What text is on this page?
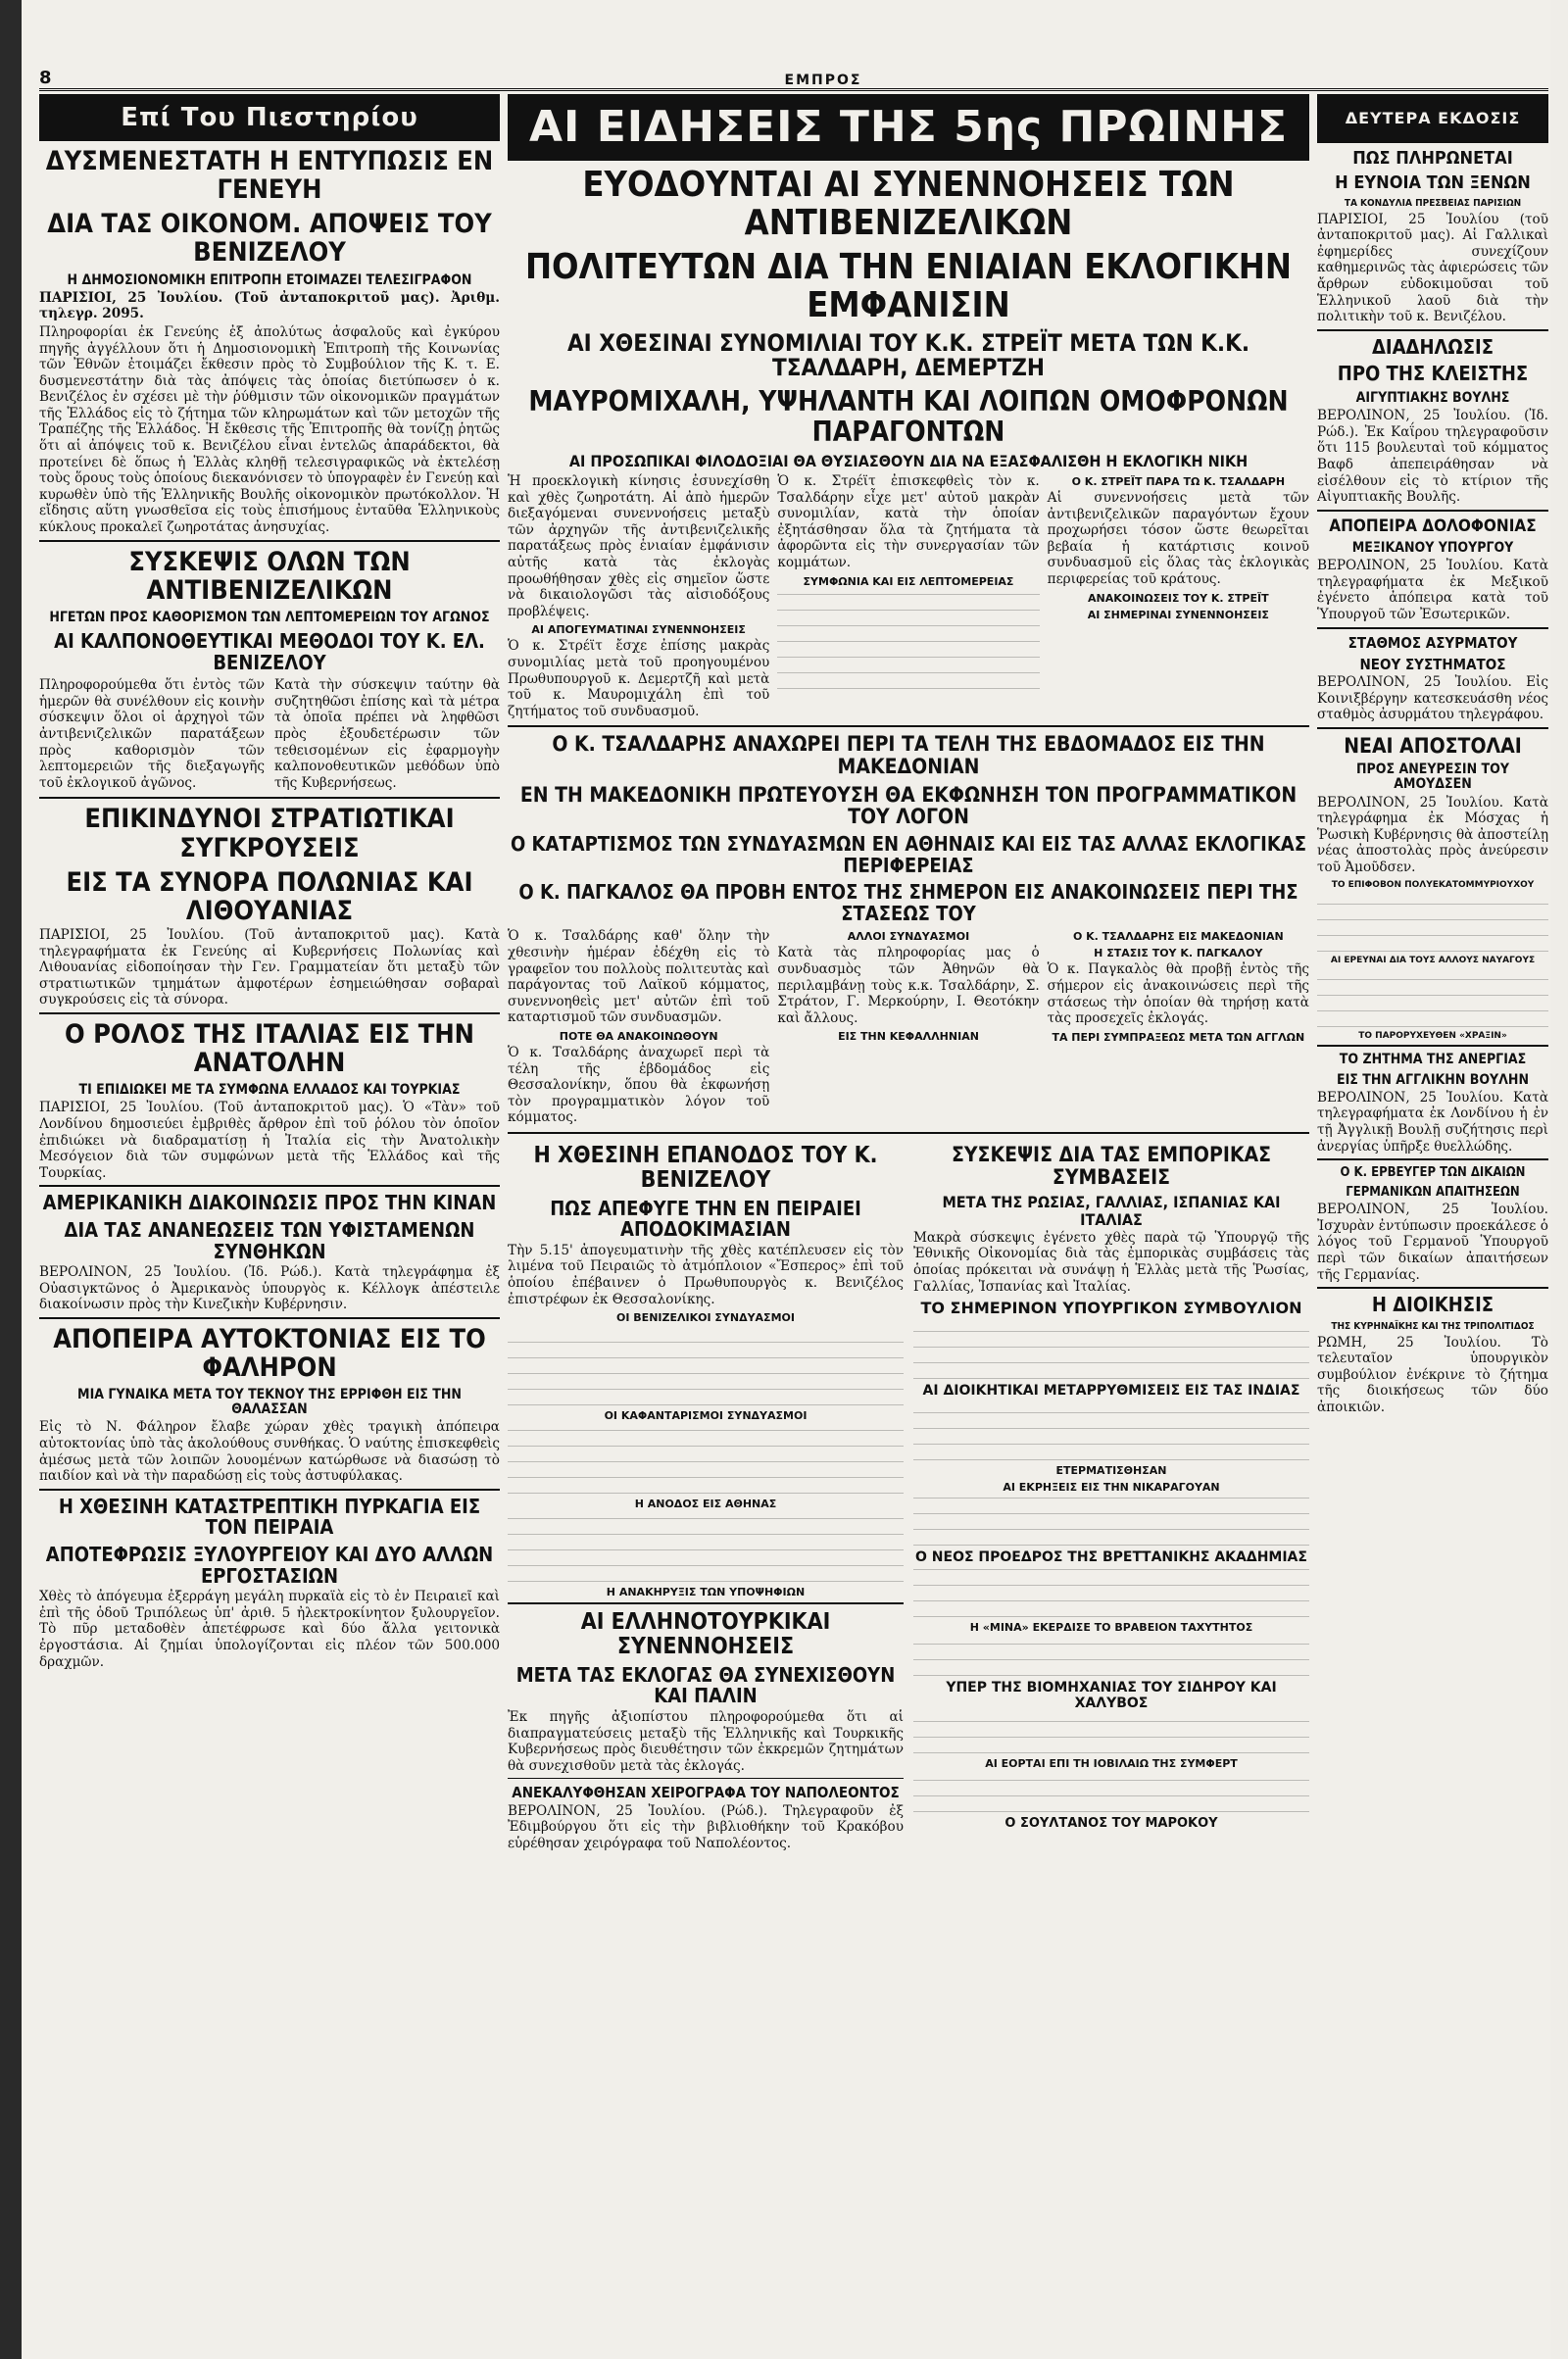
8	ΕΜΠΡΟΣ
Επί Του Πιεστηρίου
ΔΥΣΜΕΝΕΣΤΑΤΗ Η ΕΝΤΥΠΩΣΙΣ ΕΝ ΓΕΝΕΥΗ
ΔΙΑ ΤΑΣ ΟΙΚΟΝΟΜ. ΑΠΟΨΕΙΣ ΤΟΥ ΒΕΝΙΖΕΛΟΥ
Η ΔΗΜΟΣΙΟΝΟΜΙΚΗ ΕΠΙΤΡΟΠΗ ΕΤΟΙΜΑΖΕΙ ΤΕΛΕΣΙΓΡΑΦΟΝ
ΠΑΡΙΣΙΟΙ, 25 Ἰουλίου. (Τοῦ ἀνταποκριτοῦ μας). Ἀριθμ. τηλεγρ. 2095.
Πληροφορίαι ἐκ Γενεύης ἐξ ἀπολύτως ἀσφαλοῦς καὶ ἐγκύρου πηγῆς ἀγγέλλουν ὅτι ἡ Δημοσιονομικὴ Ἐπιτροπὴ τῆς Κοινωνίας τῶν Ἐθνῶν ἐτοιμάζει ἔκθεσιν πρὸς τὸ Συμβούλιον τῆς Κ. τ. Ε. δυσμενεστάτην διὰ τὰς ἀπόψεις τὰς ὁποίας διετύπωσεν ὁ κ. Βενιζέλος ἐν σχέσει μὲ τὴν ῥύθμισιν τῶν οἰκονομικῶν πραγμάτων τῆς Ἑλλάδος εἰς τὸ ζήτημα τῶν κληρωμάτων καὶ τῶν μετοχῶν τῆς Τραπέζης τῆς Ἑλλάδος. Ἡ ἔκθεσις τῆς Ἐπιτροπῆς θὰ τονίζῃ ῥητῶς ὅτι αἱ ἀπόψεις τοῦ κ. Βενιζέλου εἶναι ἐντελῶς ἀπαράδεκτοι, θὰ προτείνει δὲ ὅπως ἡ Ἑλλὰς κληθῇ τελεσιγραφικῶς νὰ ἐκτελέσῃ τοὺς ὅρους τοὺς ὁποίους διεκανόνισεν τὸ ὑπογραφὲν ἐν Γενεύῃ καὶ κυρωθὲν ὑπὸ τῆς Ἑλληνικῆς Βουλῆς οἰκονομικὸν πρωτόκολλον. Ἡ εἴδησις αὕτη γνωσθεῖσα εἰς τοὺς ἐπισήμους ἐνταῦθα Ἑλληνικοὺς κύκλους προκαλεῖ ζωηροτάτας ἀνησυχίας.
ΣΥΣΚΕΨΙΣ ΟΛΩΝ ΤΩΝ ΑΝΤΙΒΕΝΙΖΕΛΙΚΩΝ
ΗΓΕΤΩΝ ΠΡΟΣ ΚΑΘΟΡΙΣΜΟΝ ΤΩΝ ΛΕΠΤΟΜΕΡΕΙΩΝ ΤΟΥ ΑΓΩΝΟΣ
ΑΙ ΚΑΛΠΟΝΟΘΕΥΤΙΚΑΙ ΜΕΘΟΔΟΙ ΤΟΥ Κ. ΕΛ. ΒΕΝΙΖΕΛΟΥ
Πληροφορούμεθα ὅτι ἐντὸς τῶν ἡμερῶν θὰ συνέλθουν εἰς κοινὴν σύσκεψιν ὅλοι οἱ ἀρχηγοὶ τῶν ἀντιβενιζελικῶν παρατάξεων πρὸς καθορισμὸν τῶν λεπτομερειῶν τῆς διεξαγωγῆς τοῦ ἐκλογικοῦ ἀγῶνος.
Κατὰ τὴν σύσκεψιν ταύτην θὰ συζητηθῶσι ἐπίσης καὶ τὰ μέτρα τὰ ὁποῖα πρέπει νὰ ληφθῶσι πρὸς ἐξουδετέρωσιν τῶν τεθεισομένων εἰς ἐφαρμογὴν καλπονοθευτικῶν μεθόδων ὑπὸ τῆς Κυβερνήσεως.
ΕΠΙΚΙΝΔΥΝΟΙ ΣΤΡΑΤΙΩΤΙΚΑΙ ΣΥΓΚΡΟΥΣΕΙΣ
ΕΙΣ ΤΑ ΣΥΝΟΡΑ ΠΟΛΩΝΙΑΣ ΚΑΙ ΛΙΘΟΥΑΝΙΑΣ
ΠΑΡΙΣΙΟΙ, 25 Ἰουλίου. (Τοῦ ἀνταποκριτοῦ μας). Κατὰ τηλεγραφήματα ἐκ Γενεύης αἱ Κυβερνήσεις Πολωνίας καὶ Λιθουανίας εἰδοποίησαν τὴν Γεν. Γραμματείαν ὅτι μεταξὺ τῶν στρατιωτικῶν τμημάτων ἀμφοτέρων ἐσημειώθησαν σοβαραὶ συγκρούσεις εἰς τὰ σύνορα.
Ο ΡΟΛΟΣ ΤΗΣ ΙΤΑΛΙΑΣ ΕΙΣ ΤΗΝ ΑΝΑΤΟΛΗΝ
ΤΙ ΕΠΙΔΙΩΚΕΙ ΜΕ ΤΑ ΣΥΜΦΩΝΑ ΕΛΛΑΔΟΣ ΚΑΙ ΤΟΥΡΚΙΑΣ
ΠΑΡΙΣΙΟΙ, 25 Ἰουλίου. (Τοῦ ἀνταποκριτοῦ μας). Ὁ «Τὰν» τοῦ Λονδίνου δημοσιεύει ἐμβριθὲς ἄρθρον ἐπὶ τοῦ ῥόλου τὸν ὁποῖον ἐπιδιώκει νὰ διαδραματίσῃ ἡ Ἰταλία εἰς τὴν Ἀνατολικὴν Μεσόγειον διὰ τῶν συμφώνων μετὰ τῆς Ἑλλάδος καὶ τῆς Τουρκίας.
ΑΜΕΡΙΚΑΝΙΚΗ ΔΙΑΚΟΙΝΩΣΙΣ ΠΡΟΣ ΤΗΝ ΚΙΝΑΝ
ΔΙΑ ΤΑΣ ΑΝΑΝΕΩΣΕΙΣ ΤΩΝ ΥΦΙΣΤΑΜΕΝΩΝ ΣΥΝΘΗΚΩΝ
ΒΕΡΟΛΙΝΟΝ, 25 Ἰουλίου. (Ἰδ. Ρώδ.). Κατὰ τηλεγράφημα ἐξ Οὐασιγκτῶνος ὁ Ἀμερικανὸς ὑπουργὸς κ. Κέλλογκ ἀπέστειλε διακοίνωσιν πρὸς τὴν Κινεζικὴν Κυβέρνησιν.
ΑΠΟΠΕΙΡΑ ΑΥΤΟΚΤΟΝΙΑΣ ΕΙΣ ΤΟ ΦΑΛΗΡΟΝ
ΜΙΑ ΓΥΝΑΙΚΑ ΜΕΤΑ ΤΟΥ ΤΕΚΝΟΥ ΤΗΣ ΕΡΡΙΦΘΗ ΕΙΣ ΤΗΝ ΘΑΛΑΣΣΑΝ
Εἰς τὸ Ν. Φάληρον ἔλαβε χώραν χθὲς τραγικὴ ἀπόπειρα αὐτοκτονίας ὑπὸ τὰς ἀκολούθους συνθήκας. Ὁ ναύτης ἐπισκεφθεὶς ἀμέσως μετὰ τῶν λοιπῶν λουομένων κατώρθωσε νὰ διασώσῃ τὸ παιδίον καὶ νὰ τὴν παραδώσῃ εἰς τοὺς ἀστυφύλακας.
Η ΧΘΕΣΙΝΗ ΚΑΤΑΣΤΡΕΠΤΙΚΗ ΠΥΡΚΑΓΙΑ ΕΙΣ ΤΟΝ ΠΕΙΡΑΙΑ
ΑΠΟΤΕΦΡΩΣΙΣ ΞΥΛΟΥΡΓΕΙΟΥ ΚΑΙ ΔΥΟ ΑΛΛΩΝ ΕΡΓΟΣΤΑΣΙΩΝ
Χθὲς τὸ ἀπόγευμα ἐξερράγη μεγάλη πυρκαϊὰ εἰς τὸ ἐν Πειραιεῖ καὶ ἐπὶ τῆς ὁδοῦ Τριπόλεως ὑπ' ἀριθ. 5 ἠλεκτροκίνητον ξυλουργεῖον. Τὸ πῦρ μεταδοθὲν ἀπετέφρωσε καὶ δύο ἄλλα γειτονικὰ ἐργοστάσια. Αἱ ζημίαι ὑπολογίζονται εἰς πλέον τῶν 500.000 δραχμῶν.
ΑΙ ΕΙΔΗΣΕΙΣ ΤΗΣ 5ης ΠΡΩΙΝΗΣ
ΕΥΟΔΟΥΝΤΑΙ ΑΙ ΣΥΝΕΝΝΟΗΣΕΙΣ ΤΩΝ ΑΝΤΙΒΕΝΙΖΕΛΙΚΩΝ
ΠΟΛΙΤΕΥΤΩΝ ΔΙΑ ΤΗΝ ΕΝΙΑΙΑΝ ΕΚΛΟΓΙΚΗΝ ΕΜΦΑΝΙΣΙΝ
ΑΙ ΧΘΕΣΙΝΑΙ ΣΥΝΟΜΙΛΙΑΙ ΤΟΥ Κ.Κ. ΣΤΡΕΪΤ ΜΕΤΑ ΤΩΝ Κ.Κ. ΤΣΑΛΔΑΡΗ, ΔΕΜΕΡΤΖΗ
ΜΑΥΡΟΜΙΧΑΛΗ, ΥΨΗΛΑΝΤΗ ΚΑΙ ΛΟΙΠΩΝ ΟΜΟΦΡΟΝΩΝ ΠΑΡΑΓΟΝΤΩΝ
ΑΙ ΠΡΟΣΩΠΙΚΑΙ ΦΙΛΟΔΟΞΙΑΙ ΘΑ ΘΥΣΙΑΣΘΟΥΝ ΔΙΑ ΝΑ ΕΞΑΣΦΑΛΙΣΘΗ Η ΕΚΛΟΓΙΚΗ ΝΙΚΗ
Ἡ προεκλογικὴ κίνησις ἐσυνεχίσθη καὶ χθὲς ζωηροτάτη. Αἱ ἀπὸ ἡμερῶν διεξαγόμεναι συνεννοήσεις μεταξὺ τῶν ἀρχηγῶν τῆς ἀντιβενιζελικῆς παρατάξεως πρὸς ἑνιαίαν ἐμφάνισιν αὐτῆς κατὰ τὰς ἐκλογὰς προωθήθησαν χθὲς εἰς σημεῖον ὥστε νὰ δικαιολογῶσι τὰς αἰσιοδόξους προβλέψεις.
ΑΙ ΑΠΟΓΕΥΜΑΤΙΝΑΙ ΣΥΝΕΝΝΟΗΣΕΙΣ
Ὁ κ. Στρέϊτ ἔσχε ἐπίσης μακρὰς συνομιλίας μετὰ τοῦ προηγουμένου Πρωθυπουργοῦ κ. Δεμερτζῆ καὶ μετὰ τοῦ κ. Μαυρομιχάλη ἐπὶ τοῦ ζητήματος τοῦ συνδυασμοῦ.
Ὁ κ. Στρέϊτ ἐπισκεφθεὶς τὸν κ. Τσαλδάρην εἶχε μετ' αὐτοῦ μακρὰν συνομιλίαν, κατὰ τὴν ὁποίαν ἐξητάσθησαν ὅλα τὰ ζητήματα τὰ ἀφορῶντα εἰς τὴν συνεργασίαν τῶν κομμάτων.
ΣΥΜΦΩΝΙΑ ΚΑΙ ΕΙΣ ΛΕΠΤΟΜΕΡΕΙΑΣ
Ο Κ. ΣΤΡΕΪΤ ΠΑΡΑ ΤΩ Κ. ΤΣΑΛΔΑΡΗ
Αἱ συνεννοήσεις μετὰ τῶν ἀντιβενιζελικῶν παραγόντων ἔχουν προχωρήσει τόσον ὥστε θεωρεῖται βεβαία ἡ κατάρτισις κοινοῦ συνδυασμοῦ εἰς ὅλας τὰς ἐκλογικὰς περιφερείας τοῦ κράτους.
ΑΝΑΚΟΙΝΩΣΕΙΣ ΤΟΥ Κ. ΣΤΡΕΪΤ
ΑΙ ΣΗΜΕΡΙΝΑΙ ΣΥΝΕΝΝΟΗΣΕΙΣ
Ο Κ. ΤΣΑΛΔΑΡΗΣ ΑΝΑΧΩΡΕΙ ΠΕΡΙ ΤΑ ΤΕΛΗ ΤΗΣ ΕΒΔΟΜΑΔΟΣ ΕΙΣ ΤΗΝ ΜΑΚΕΔΟΝΙΑΝ
ΕΝ ΤΗ ΜΑΚΕΔΟΝΙΚΗ ΠΡΩΤΕΥΟΥΣΗ ΘΑ ΕΚΦΩΝΗΣΗ ΤΟΝ ΠΡΟΓΡΑΜΜΑΤΙΚΟΝ ΤΟΥ ΛΟΓΟΝ
Ο ΚΑΤΑΡΤΙΣΜΟΣ ΤΩΝ ΣΥΝΔΥΑΣΜΩΝ ΕΝ ΑΘΗΝΑΙΣ ΚΑΙ ΕΙΣ ΤΑΣ ΑΛΛΑΣ ΕΚΛΟΓΙΚΑΣ ΠΕΡΙΦΕΡΕΙΑΣ
Ο Κ. ΠΑΓΚΑΛΟΣ ΘΑ ΠΡΟΒΗ ΕΝΤΟΣ ΤΗΣ ΣΗΜΕΡΟΝ ΕΙΣ ΑΝΑΚΟΙΝΩΣΕΙΣ ΠΕΡΙ ΤΗΣ ΣΤΑΣΕΩΣ ΤΟΥ
Ὁ κ. Τσαλδάρης καθ' ὅλην τὴν χθεσινὴν ἡμέραν ἐδέχθη εἰς τὸ γραφεῖον του πολλοὺς πολιτευτὰς καὶ παράγοντας τοῦ Λαϊκοῦ κόμματος, συνεννοηθεὶς μετ' αὐτῶν ἐπὶ τοῦ καταρτισμοῦ τῶν συνδυασμῶν.
ΠΟΤΕ ΘΑ ΑΝΑΚΟΙΝΩΘΟΥΝ
Ὁ κ. Τσαλδάρης ἀναχωρεῖ περὶ τὰ τέλη τῆς ἑβδομάδος εἰς Θεσσαλονίκην, ὅπου θὰ ἐκφωνήσῃ τὸν προγραμματικὸν λόγον τοῦ κόμματος.
ΑΛΛΟΙ ΣΥΝΔΥΑΣΜΟΙ
Κατὰ τὰς πληροφορίας μας ὁ συνδυασμὸς τῶν Ἀθηνῶν θὰ περιλαμβάνῃ τοὺς κ.κ. Τσαλδάρην, Σ. Στράτον, Γ. Μερκούρην, Ι. Θεοτόκην καὶ ἄλλους.
ΕΙΣ ΤΗΝ ΚΕΦΑΛΛΗΝΙΑΝ
Ο Κ. ΤΣΑΛΔΑΡΗΣ ΕΙΣ ΜΑΚΕΔΟΝΙΑΝ
Η ΣΤΑΣΙΣ ΤΟΥ Κ. ΠΑΓΚΑΛΟΥ
Ὁ κ. Παγκαλὸς θὰ προβῇ ἐντὸς τῆς σήμερον εἰς ἀνακοινώσεις περὶ τῆς στάσεως τὴν ὁποίαν θὰ τηρήσῃ κατὰ τὰς προσεχεῖς ἐκλογάς.
ΤΑ ΠΕΡΙ ΣΥΜΠΡΑΞΕΩΣ ΜΕΤΑ ΤΩΝ ΑΓΓΛΩΝ
Η ΧΘΕΣΙΝΗ ΕΠΑΝΟΔΟΣ ΤΟΥ Κ. ΒΕΝΙΖΕΛΟΥ
ΠΩΣ ΑΠΕΦΥΓΕ ΤΗΝ ΕΝ ΠΕΙΡΑΙΕΙ ΑΠΟΔΟΚΙΜΑΣΙΑΝ
Τὴν 5.15' ἀπογευματινὴν τῆς χθὲς κατέπλευσεν εἰς τὸν λιμένα τοῦ Πειραιῶς τὸ ἀτμόπλοιον «Ἔσπερος» ἐπὶ τοῦ ὁποίου ἐπέβαινεν ὁ Πρωθυπουργὸς κ. Βενιζέλος ἐπιστρέφων ἐκ Θεσσαλονίκης.
ΟΙ ΒΕΝΙΖΕΛΙΚΟΙ ΣΥΝΔΥΑΣΜΟΙ
ΟΙ ΚΑΦΑΝΤΑΡΙΣΜΟΙ ΣΥΝΔΥΑΣΜΟΙ
Η ΑΝΟΔΟΣ ΕΙΣ ΑΘΗΝΑΣ
Η ΑΝΑΚΗΡΥΞΙΣ ΤΩΝ ΥΠΟΨΗΦΙΩΝ
ΑΙ ΕΛΛΗΝΟΤΟΥΡΚΙΚΑΙ ΣΥΝΕΝΝΟΗΣΕΙΣ
ΜΕΤΑ ΤΑΣ ΕΚΛΟΓΑΣ ΘΑ ΣΥΝΕΧΙΣΘΟΥΝ ΚΑΙ ΠΑΛΙΝ
Ἐκ πηγῆς ἀξιοπίστου πληροφορούμεθα ὅτι αἱ διαπραγματεύσεις μεταξὺ τῆς Ἑλληνικῆς καὶ Τουρκικῆς Κυβερνήσεως πρὸς διευθέτησιν τῶν ἐκκρεμῶν ζητημάτων θὰ συνεχισθοῦν μετὰ τὰς ἐκλογάς.
ΑΝΕΚΑΛΥΦΘΗΣΑΝ ΧΕΙΡΟΓΡΑΦΑ ΤΟΥ ΝΑΠΟΛΕΟΝΤΟΣ
ΒΕΡΟΛΙΝΟΝ, 25 Ἰουλίου. (Ρώδ.). Τηλεγραφοῦν ἐξ Ἐδιμβούργου ὅτι εἰς τὴν βιβλιοθήκην τοῦ Κρακόβου εὑρέθησαν χειρόγραφα τοῦ Ναπολέοντος.
ΣΥΣΚΕΨΙΣ ΔΙΑ ΤΑΣ ΕΜΠΟΡΙΚΑΣ ΣΥΜΒΑΣΕΙΣ
ΜΕΤΑ ΤΗΣ ΡΩΣΙΑΣ, ΓΑΛΛΙΑΣ, ΙΣΠΑΝΙΑΣ ΚΑΙ ΙΤΑΛΙΑΣ
Μακρὰ σύσκεψις ἐγένετο χθὲς παρὰ τῷ Ὑπουργῷ τῆς Ἐθνικῆς Οἰκονομίας διὰ τὰς ἐμπορικὰς συμβάσεις τὰς ὁποίας πρόκειται νὰ συνάψῃ ἡ Ἑλλὰς μετὰ τῆς Ῥωσίας, Γαλλίας, Ἰσπανίας καὶ Ἰταλίας.
ΤΟ ΣΗΜΕΡΙΝΟΝ ΥΠΟΥΡΓΙΚΟΝ ΣΥΜΒΟΥΛΙΟΝ
ΑΙ ΔΙΟΙΚΗΤΙΚΑΙ ΜΕΤΑΡΡΥΘΜΙΣΕΙΣ ΕΙΣ ΤΑΣ ΙΝΔΙΑΣ
ΕΤΕΡΜΑΤΙΣΘΗΣΑΝ
ΑΙ ΕΚΡΗΞΕΙΣ ΕΙΣ ΤΗΝ ΝΙΚΑΡΑΓΟΥΑΝ
Ο ΝΕΟΣ ΠΡΟΕΔΡΟΣ ΤΗΣ ΒΡΕΤΤΑΝΙΚΗΣ ΑΚΑΔΗΜΙΑΣ
Η «ΜΙΝΑ» ΕΚΕΡΔΙΣΕ ΤΟ ΒΡΑΒΕΙΟΝ ΤΑΧΥΤΗΤΟΣ
ΥΠΕΡ ΤΗΣ ΒΙΟΜΗΧΑΝΙΑΣ ΤΟΥ ΣΙΔΗΡΟΥ ΚΑΙ ΧΑΛΥΒΟΣ
ΑΙ ΕΟΡΤΑΙ ΕΠΙ ΤΗ ΙΟΒΙΛΑΙΩ ΤΗΣ ΣΥΜΦΕΡΤ
Ο ΣΟΥΛΤΑΝΟΣ ΤΟΥ ΜΑΡΟΚΟΥ
ΔΕΥΤΕΡΑ ΕΚΔΟΣΙΣ
ΠΩΣ ΠΛΗΡΩΝΕΤΑΙ
Η ΕΥΝΟΙΑ ΤΩΝ ΞΕΝΩΝ
ΤΑ ΚΟΝΔΥΛΙΑ ΠΡΕΣΒΕΙΑΣ ΠΑΡΙΣΙΩΝ
ΠΑΡΙΣΙΟΙ, 25 Ἰουλίου (τοῦ ἀνταποκριτοῦ μας). Αἱ Γαλλικαὶ ἐφημερίδες συνεχίζουν καθημερινῶς τὰς ἀφιερώσεις τῶν ἄρθρων εὐδοκιμοῦσαι τοῦ Ἑλληνικοῦ λαοῦ διὰ τὴν πολιτικὴν τοῦ κ. Βενιζέλου.
ΔΙΑΔΗΛΩΣΙΣ
ΠΡΟ ΤΗΣ ΚΛΕΙΣΤΗΣ
ΑΙΓΥΠΤΙΑΚΗΣ ΒΟΥΛΗΣ
ΒΕΡΟΛΙΝΟΝ, 25 Ἰουλίου. (Ἰδ. Ρώδ.). Ἐκ Καΐρου τηλεγραφοῦσιν ὅτι 115 βουλευταὶ τοῦ κόμματος Βαφδ ἀπεπειράθησαν νὰ εἰσέλθουν εἰς τὸ κτίριον τῆς Αἰγυπτιακῆς Βουλῆς.
ΑΠΟΠΕΙΡΑ ΔΟΛΟΦΟΝΙΑΣ
ΜΕΞΙΚΑΝΟΥ ΥΠΟΥΡΓΟΥ
ΒΕΡΟΛΙΝΟΝ, 25 Ἰουλίου. Κατὰ τηλεγραφήματα ἐκ Μεξικοῦ ἐγένετο ἀπόπειρα κατὰ τοῦ Ὑπουργοῦ τῶν Ἐσωτερικῶν.
ΣΤΑΘΜΟΣ ΑΣΥΡΜΑΤΟΥ
ΝΕΟΥ ΣΥΣΤΗΜΑΤΟΣ
ΒΕΡΟΛΙΝΟΝ, 25 Ἰουλίου. Εἰς Κοινιξβέργην κατεσκευάσθη νέος σταθμὸς ἀσυρμάτου τηλεγράφου.
ΝΕΑΙ ΑΠΟΣΤΟΛΑΙ
ΠΡΟΣ ΑΝΕΥΡΕΣΙΝ ΤΟΥ ΑΜΟΥΔΣΕΝ
ΒΕΡΟΛΙΝΟΝ, 25 Ἰουλίου. Κατὰ τηλεγράφημα ἐκ Μόσχας ἡ Ῥωσικὴ Κυβέρνησις θὰ ἀποστείλῃ νέας ἀποστολὰς πρὸς ἀνεύρεσιν τοῦ Ἀμοῦδσεν.
ΤΟ ΕΠΙΦΟΒΟΝ ΠΟΛΥΕΚΑΤΟΜΜΥΡΙΟΥΧΟΥ
ΑΙ ΕΡΕΥΝΑΙ ΔΙΑ ΤΟΥΣ ΑΛΛΟΥΣ ΝΑΥΑΓΟΥΣ
ΤΟ ΠΑΡΟΡΥΧΕΥΘΕΝ «ΧΡΑΞΙΝ»
ΤΟ ΖΗΤΗΜΑ ΤΗΣ ΑΝΕΡΓΙΑΣ
ΕΙΣ ΤΗΝ ΑΓΓΛΙΚΗΝ ΒΟΥΛΗΝ
ΒΕΡΟΛΙΝΟΝ, 25 Ἰουλίου. Κατὰ τηλεγραφήματα ἐκ Λονδίνου ἡ ἐν τῇ Ἀγγλικῇ Βουλῇ συζήτησις περὶ ἀνεργίας ὑπῆρξε θυελλώδης.
Ο Κ. ΕΡΒΕΥΓΕΡ ΤΩΝ ΔΙΚΑΙΩΝ
ΓΕΡΜΑΝΙΚΩΝ ΑΠΑΙΤΗΣΕΩΝ
ΒΕΡΟΛΙΝΟΝ, 25 Ἰουλίου. Ἰσχυρὰν ἐντύπωσιν προεκάλεσε ὁ λόγος τοῦ Γερμανοῦ Ὑπουργοῦ περὶ τῶν δικαίων ἀπαιτήσεων τῆς Γερμανίας.
Η ΔΙΟΙΚΗΣΙΣ
ΤΗΣ ΚΥΡΗΝΑΪΚΗΣ ΚΑΙ ΤΗΣ ΤΡΙΠΟΛΙΤΙΔΟΣ
ΡΩΜΗ, 25 Ἰουλίου. Τὸ τελευταῖον ὑπουργικὸν συμβούλιον ἐνέκρινε τὸ ζήτημα τῆς διοικήσεως τῶν δύο ἀποικιῶν.
